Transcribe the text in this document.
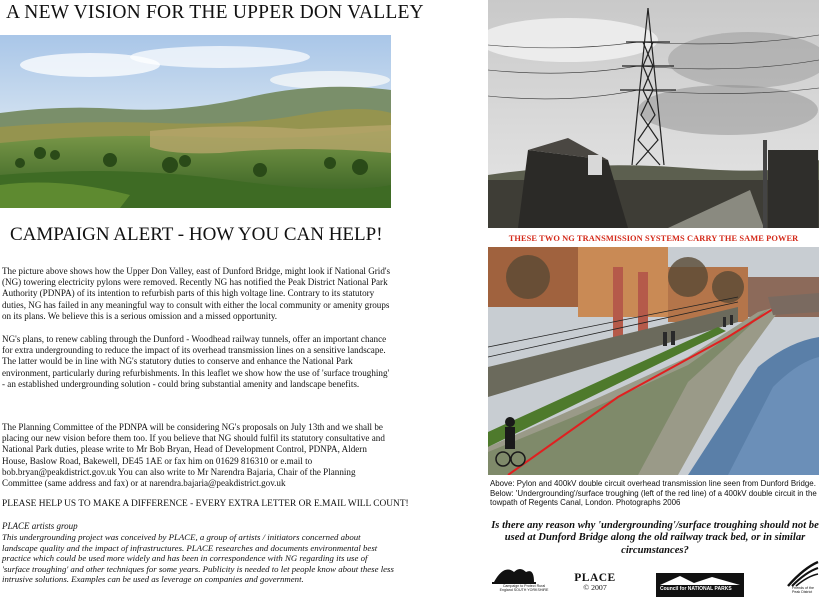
A NEW VISION FOR THE UPPER DON VALLEY
CAMPAIGN ALERT - HOW YOU CAN HELP!
The picture above shows how the Upper Don Valley, east of Dunford Bridge, might look if National Grid's (NG) towering electricity pylons were removed. Recently NG has notified the Peak District National Park Authority (PDNPA) of its intention to refurbish parts of this high voltage line. Contrary to its statutory duties, NG has failed in any meaningful way to consult with either the local community or amenity groups on its plans. We believe this is a serious omission and a missed opportunity.
NG's plans, to renew cabling through the Dunford - Woodhead railway tunnels, offer an important chance for extra undergrounding to reduce the impact of its overhead transmission lines on a sensitive landscape. The latter would be in line with NG's statutory duties to conserve and enhance the National Park environment, particularly during refurbishments. In this leaflet we show how the use of 'surface troughing' - an established undergrounding solution - could bring substantial amenity and landscape benefits.
The Planning Committee of the PDNPA will be considering NG's proposals on July 13th and we shall be placing our new vision before them too. If you believe that NG should fulfil its statutory consultative and National Park duties, please write to Mr Bob Bryan, Head of Development Control, PDNPA, Aldern House, Baslow Road, Bakewell, DE45 1AE or fax him on 01629 816310 or e.mail to bob.bryan@peakdistrict.gov.uk You can also write to Mr Narendra Bajaria, Chair of the Planning Committee (same address and fax) or at narendra.bajaria@peakdistrict.gov.uk
PLEASE HELP US TO MAKE A DIFFERENCE - EVERY EXTRA LETTER OR E.MAIL WILL COUNT!
PLACE artists group
This undergrounding project was conceived by PLACE, a group of artists / initiators concerned about landscape quality and the impact of infrastructures. PLACE researches and documents environmental best practice which could be used more widely and has been in correspondence with NG regarding its use of 'surface troughing' and other techniques for some years. Publicity is needed to let people know about these less intrusive solutions. Examples can be used as leverage on companies and government.
THESE TWO NG TRANSMISSION SYSTEMS CARRY THE SAME POWER
Above: Pylon and 400kV double circuit overhead transmission line seen from Dunford Bridge.
Below: 'Undergrounding'/surface troughing (left of the red line) of a 400kV double circuit in the towpath of Regents Canal, London. Photographs 2006
Is there any reason why 'undergrounding'/surface troughing should not be used at Dunford Bridge along the old railway track bed, or in similar circumstances?
Campaign to Protect Rural England SOUTH YORKSHIRE
PLACE
© 2007	Council for NATIONAL PARKS	Friends of the Peak District
